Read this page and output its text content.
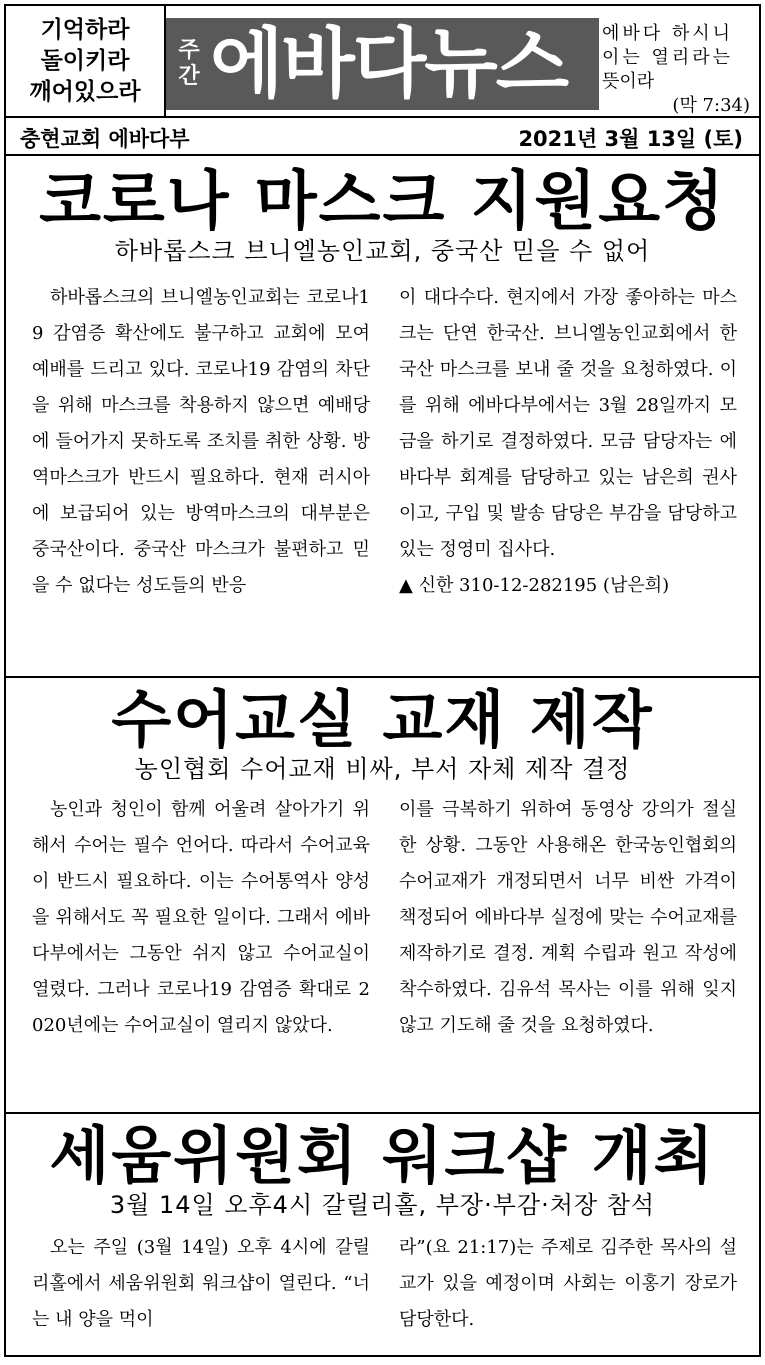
기억하라
돌이키라
깨어있으라
주
간 에바다뉴스 에바다 하시니
이는 열리라는
뜻이라
(막 7:34)
충현교회 에바다부	2021년 3월 13일 (토)
코로나 마스크 지원요청
하바롭스크 브니엘농인교회, 중국산 믿을 수 없어

하바롭스크의 브니엘농인교회는 코로나19 감염증 확산에도 불구하고 교회에 모여 예배를 드리고 있다. 코로나19 감염의 차단을 위해 마스크를 착용하지 않으면 예배당에 들어가지 못하도록 조치를 취한 상황. 방역마스크가 반드시 필요하다. 현재 러시아에 보급되어 있는 방역마스크의 대부분은 중국산이다. 중국산 마스크가 불편하고 믿을 수 없다는 성도들의 반응

이 대다수다. 현지에서 가장 좋아하는 마스크는 단연 한국산. 브니엘농인교회에서 한국산 마스크를 보내 줄 것을 요청하였다. 이를 위해 에바다부에서는 3월 28일까지 모금을 하기로 결정하였다. 모금 담당자는 에바다부 회계를 담당하고 있는 남은희 권사이고, 구입 및 발송 담당은 부감을 담당하고 있는 정영미 집사다.

▲ 신한 310-12-282195 (남은희)

수어교실 교재 제작
농인협회 수어교재 비싸, 부서 자체 제작 결정

농인과 청인이 함께 어울려 살아가기 위해서 수어는 필수 언어다. 따라서 수어교육이 반드시 필요하다. 이는 수어통역사 양성을 위해서도 꼭 필요한 일이다. 그래서 에바다부에서는 그동안 쉬지 않고 수어교실이 열렸다. 그러나 코로나19 감염증 확대로 2020년에는 수어교실이 열리지 않았다.

이를 극복하기 위하여 동영상 강의가 절실한 상황. 그동안 사용해온 한국농인협회의 수어교재가 개정되면서 너무 비싼 가격이 책정되어 에바다부 실정에 맞는 수어교재를 제작하기로 결정. 계획 수립과 원고 작성에 착수하였다. 김유석 목사는 이를 위해 잊지 않고 기도해 줄 것을 요청하였다.

세움위원회 워크샵 개최
3월 14일 오후4시 갈릴리홀, 부장·부감·처장 참석

오는 주일 (3월 14일) 오후 4시에 갈릴리홀에서 세움위원회 워크샵이 열린다. “너는 내 양을 먹이

라”(요 21:17)는 주제로 김주한 목사의 설교가 있을 예정이며 사회는 이홍기 장로가 담당한다.
